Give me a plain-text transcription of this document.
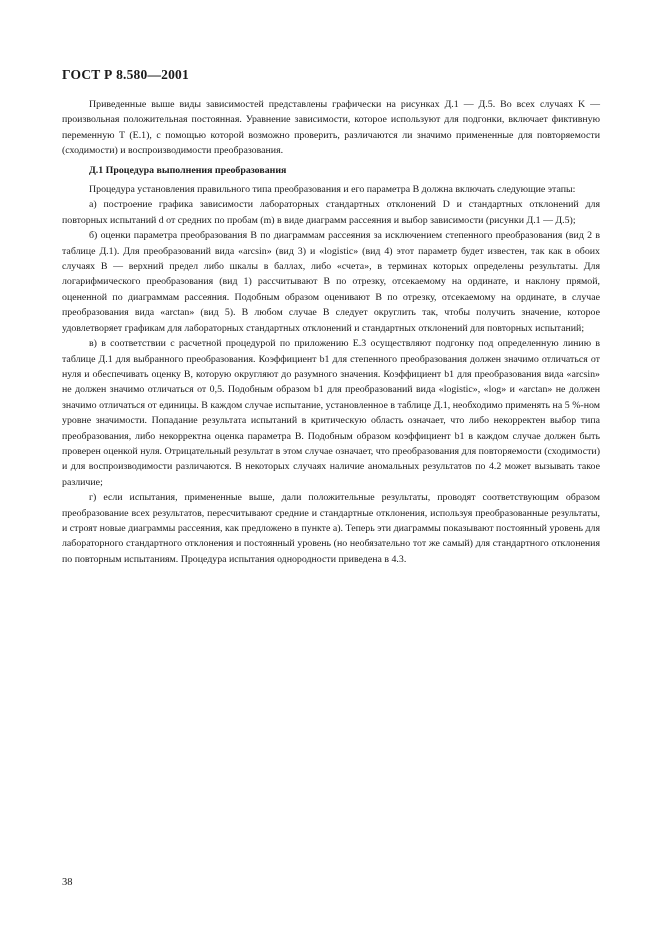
ГОСТ Р 8.580—2001

Приведенные выше виды зависимостей представлены графически на рисунках Д.1 — Д.5. Во всех случаях K — произвольная положительная постоянная. Уравнение зависимости, которое используют для подгонки, включает фиктивную переменную T (Е.1), с помощью которой возможно проверить, различаются ли значимо примененные для повторяемости (сходимости) и воспроизводимости преобразования.

Д.1 Процедура выполнения преобразования

Процедура установления правильного типа преобразования и его параметра B должна включать следующие этапы:

а) построение графика зависимости лабораторных стандартных отклонений D и стандартных отклонений для повторных испытаний d от средних по пробам (m) в виде диаграмм рассеяния и выбор зависимости (рисунки Д.1 — Д.5);

б) оценки параметра преобразования B по диаграммам рассеяния за исключением степенного преобразования (вид 2 в таблице Д.1). Для преобразований вида «arcsin» (вид 3) и «logistic» (вид 4) этот параметр будет известен, так как в обоих случаях B — верхний предел либо шкалы в баллах, либо «счета», в терминах которых определены результаты. Для логарифмического преобразования (вид 1) рассчитывают B по отрезку, отсекаемому на ординате, и наклону прямой, оцененной по диаграммам рассеяния. Подобным образом оценивают B по отрезку, отсекаемому на ординате, в случае преобразования вида «arctan» (вид 5). В любом случае B следует округлить так, чтобы получить значение, которое удовлетворяет графикам для лабораторных стандартных отклонений и стандартных отклонений для повторных испытаний;

в) в соответствии с расчетной процедурой по приложению Е.3 осуществляют подгонку под определенную линию в таблице Д.1 для выбранного преобразования. Коэффициент b1 для степенного преобразования должен значимо отличаться от нуля и обеспечивать оценку B, которую округляют до разумного значения. Коэффициент b1 для преобразования вида «arcsin» не должен значимо отличаться от 0,5. Подобным образом b1 для преобразований вида «logistic», «log» и «arctan» не должен значимо отличаться от единицы. В каждом случае испытание, установленное в таблице Д.1, необходимо применять на 5 %-ном уровне значимости. Попадание результата испытаний в критическую область означает, что либо некорректен выбор типа преобразования, либо некорректна оценка параметра B. Подобным образом коэффициент b1 в каждом случае должен быть проверен оценкой нуля. Отрицательный результат в этом случае означает, что преобразования для повторяемости (сходимости) и для воспроизводимости различаются. В некоторых случаях наличие аномальных результатов по 4.2 может вызывать такое различие;

г) если испытания, примененные выше, дали положительные результаты, проводят соответствующим образом преобразование всех результатов, пересчитывают средние и стандартные отклонения, используя преобразованные результаты, и строят новые диаграммы рассеяния, как предложено в пункте а). Теперь эти диаграммы показывают постоянный уровень для лабораторного стандартного отклонения и постоянный уровень (но необязательно тот же самый) для стандартного отклонения по повторным испытаниям. Процедура испытания однородности приведена в 4.3.

38
